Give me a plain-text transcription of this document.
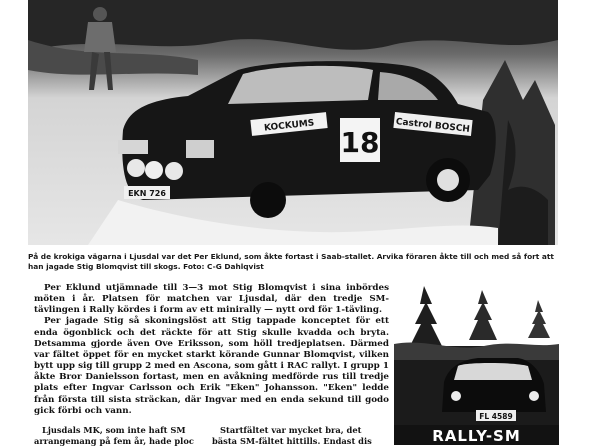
KOCKUMS
18
Castrol BOSCH
EKN 726
På de krokiga vägarna i Ljusdal var det Per Eklund, som åkte fortast i Saab-stallet. Arvika föraren åkte till och med så fort att han jagade Stig Blomqvist till skogs. Foto: C-G Dahlqvist

Per Eklund utjämnade till 3—3 mot Stig Blomqvist i sina inbördes möten i år. Platsen för matchen var Ljusdal, där den tredje SM-tävlingen i Rally kördes i form av ett minirally — nytt ord för 1-tävling.

Per jagade Stig så skoningslöst att Stig tappade konceptet för ett enda ögonblick och det räckte för att Stig skulle kvadda och bryta. Detsamma gjorde även Ove Eriksson, som höll tredjeplatsen. Därmed var fältet öppet för en mycket starkt körande Gunnar Blomqvist, vilken bytt upp sig till grupp 2 med en Ascona, som gått i RAC rallyt. I grupp 1 åkte Bror Danielsson fortast, men en avåkning medförde rus till tredje plats efter Ingvar Carlsson och Erik "Eken" Johansson. "Eken" ledde från första till sista sträckan, där Ingvar med en enda sekund till godo gick förbi och vann.

Ljusdals MK, som inte haft SM arrangemang på fem år, hade ploc

Startfältet var mycket bra, det bästa SM-fältet hittills. Endast dis

FL 4589
RALLY-SM
